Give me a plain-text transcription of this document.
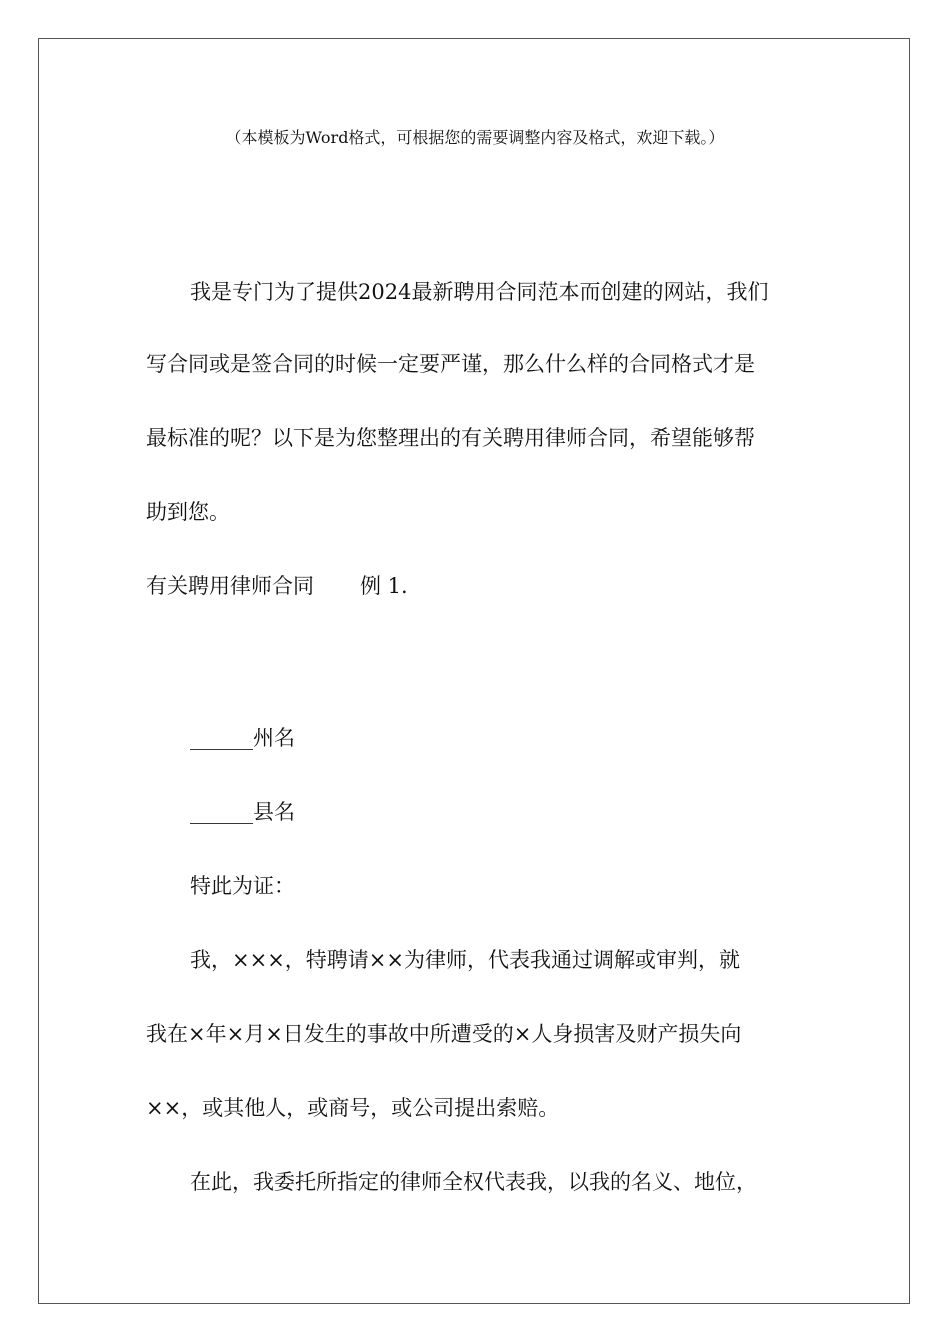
（本模板为Word格式，可根据您的需要调整内容及格式，欢迎下载。）
我是专门为了提供2024最新聘用合同范本而创建的网站，我们
写合同或是签合同的时候一定要严谨，那么什么样的合同格式才是
最标准的呢？以下是为您整理出的有关聘用律师合同，希望能够帮
助到您。
有关聘用律师合同 例 1.
______州名
______县名
特此为证：
我，×××，特聘请××为律师，代表我通过调解或审判，就
我在×年×月×日发生的事故中所遭受的×人身损害及财产损失向
××，或其他人，或商号，或公司提出索赔。
在此，我委托所指定的律师全权代表我，以我的名义、地位，
